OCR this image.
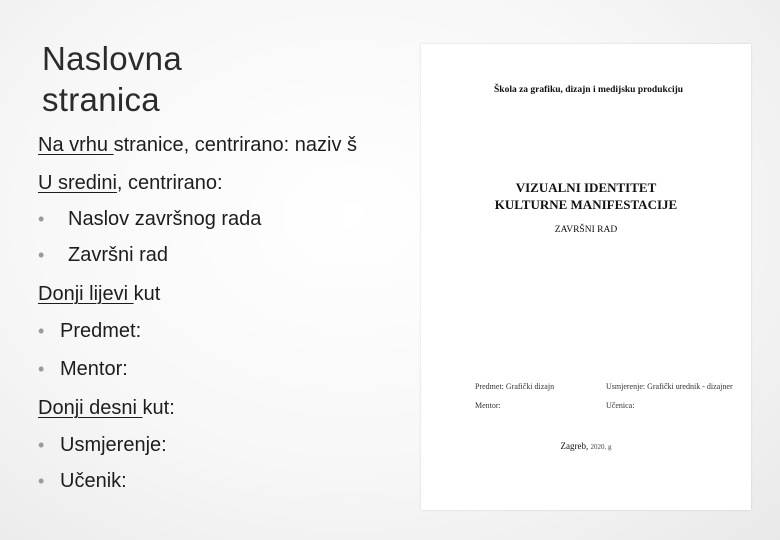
Naslovna stranica
Na vrhu stranice, centrirano: naziv š
U sredini, centrirano:
• Naslov završnog rada
• Završni rad
Donji lijevi kut
• Predmet:
• Mentor:
Donji desni kut:
• Usmjerenje:
• Učenik:
Škola za grafiku, dizajn i medijsku produkciju
VIZUALNI IDENTITET
KULTURNE MANIFESTACIJE
ZAVRŠNI RAD
Predmet: Grafički dizajn	Usmjerenje: Grafički urednik - dizajner
Mentor:	Učenica:
Zagreb, 2020. g
